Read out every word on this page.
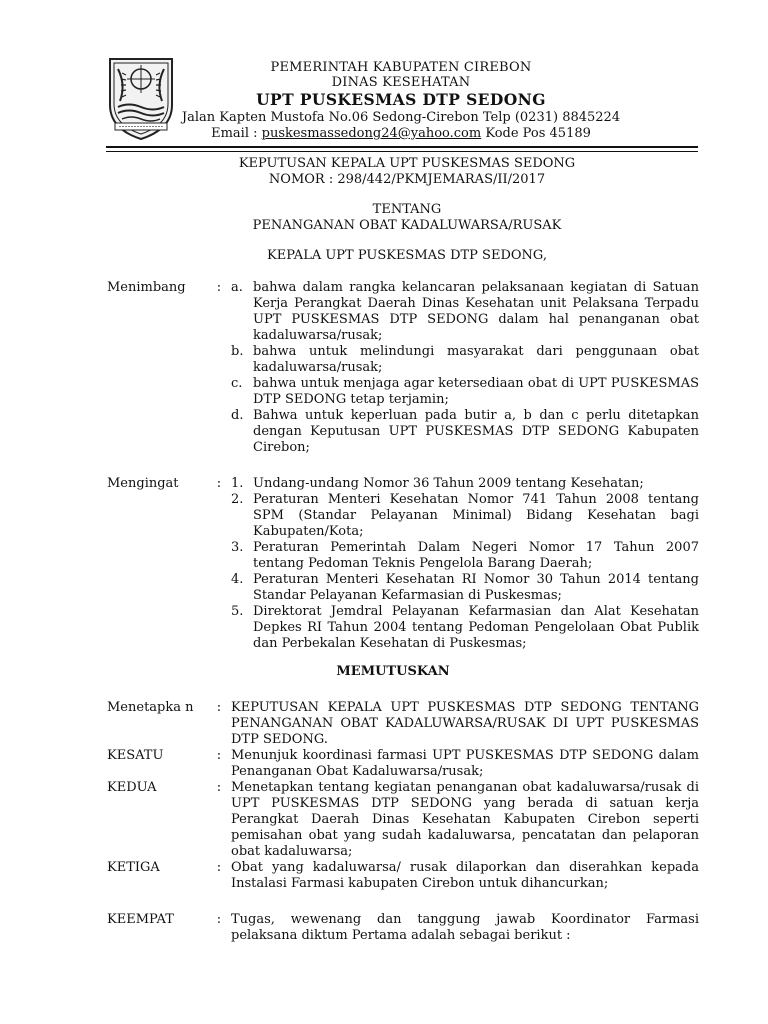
PEMERINTAH KABUPATEN CIREBON
DINAS KESEHATAN
UPT PUSKESMAS DTP SEDONG
Jalan Kapten Mustofa No.06 Sedong-Cirebon Telp (0231) 8845224
Email : puskesmassedong24@yahoo.com Kode Pos 45189
KEPUTUSAN KEPALA UPT PUSKESMAS SEDONG
NOMOR : 298/442/PKMJEMARAS/II/2017
TENTANG
PENANGANAN OBAT KADALUWARSA/RUSAK
KEPALA UPT PUSKESMAS DTP SEDONG,
Menimbang	: a. bahwa dalam rangka kelancaran pelaksanaan kegiatan di Satuan Kerja Perangkat Daerah Dinas Kesehatan unit Pelaksana Terpadu UPT PUSKESMAS DTP SEDONG dalam hal penanganan obat kadaluwarsa/rusak;
b. bahwa untuk melindungi masyarakat dari penggunaan obat kadaluwarsa/rusak;
c. bahwa untuk menjaga agar ketersediaan obat di UPT PUSKESMAS DTP SEDONG tetap terjamin;
d. Bahwa untuk keperluan pada butir a, b dan c perlu ditetapkan dengan Keputusan UPT PUSKESMAS DTP SEDONG Kabupaten Cirebon;
Mengingat	: 1. Undang-undang Nomor 36 Tahun 2009 tentang Kesehatan;
2. Peraturan Menteri Kesehatan Nomor 741 Tahun 2008 tentang SPM (Standar Pelayanan Minimal) Bidang Kesehatan bagi Kabupaten/Kota;
3. Peraturan Pemerintah Dalam Negeri Nomor 17 Tahun 2007 tentang Pedoman Teknis Pengelola Barang Daerah;
4. Peraturan Menteri Kesehatan RI Nomor 30 Tahun 2014 tentang Standar Pelayanan Kefarmasian di Puskesmas;
5. Direktorat Jemdral Pelayanan Kefarmasian dan Alat Kesehatan Depkes RI Tahun 2004 tentang Pedoman Pengelolaan Obat Publik dan Perbekalan Kesehatan di Puskesmas;
MEMUTUSKAN
Menetapka n	: KEPUTUSAN KEPALA UPT PUSKESMAS DTP SEDONG TENTANG PENANGANAN OBAT KADALUWARSA/RUSAK DI UPT PUSKESMAS DTP SEDONG.
KESATU	: Menunjuk koordinasi farmasi UPT PUSKESMAS DTP SEDONG dalam Penanganan Obat Kadaluwarsa/rusak;
KEDUA	: Menetapkan tentang kegiatan penanganan obat kadaluwarsa/rusak di UPT PUSKESMAS DTP SEDONG yang berada di satuan kerja Perangkat Daerah Dinas Kesehatan Kabupaten Cirebon seperti pemisahan obat yang sudah kadaluwarsa, pencatatan dan pelaporan obat kadaluwarsa;
KETIGA	: Obat yang kadaluwarsa/ rusak dilaporkan dan diserahkan kepada Instalasi Farmasi kabupaten Cirebon untuk dihancurkan;
KEEMPAT	: Tugas, wewenang dan tanggung jawab Koordinator Farmasi pelaksana diktum Pertama adalah sebagai berikut :
